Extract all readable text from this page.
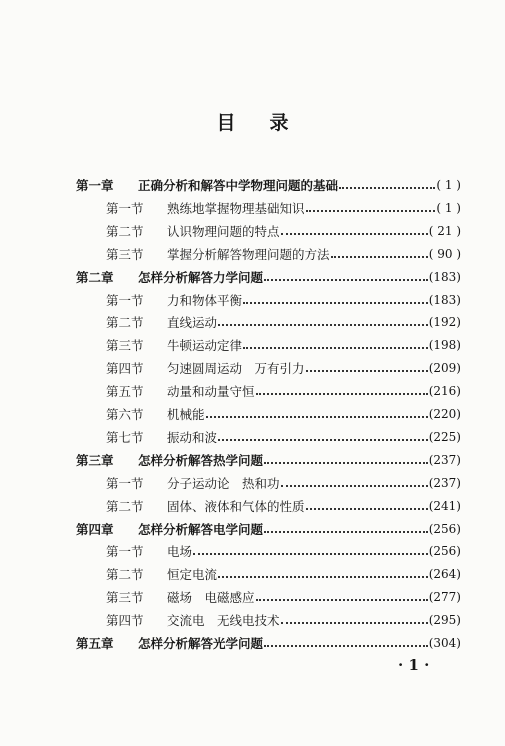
目 录
第一章	正确分析和解答中学物理问题的基础	( 1 )
第一节	熟练地掌握物理基础知识	( 1 )
第二节	认识物理问题的特点	( 21 )
第三节	掌握分析解答物理问题的方法	( 90 )
第二章	怎样分析解答力学问题	(183)
第一节	力和物体平衡	(183)
第二节	直线运动	(192)
第三节	牛顿运动定律	(198)
第四节	匀速圆周运动　万有引力	(209)
第五节	动量和动量守恒	(216)
第六节	机械能	(220)
第七节	振动和波	(225)
第三章	怎样分析解答热学问题	(237)
第一节	分子运动论　热和功	(237)
第二节	固体、液体和气体的性质	(241)
第四章	怎样分析解答电学问题	(256)
第一节	电场	(256)
第二节	恒定电流	(264)
第三节	磁场　电磁感应	(277)
第四节	交流电　无线电技术	(295)
第五章	怎样分析解答光学问题	(304)
· 1 ·
